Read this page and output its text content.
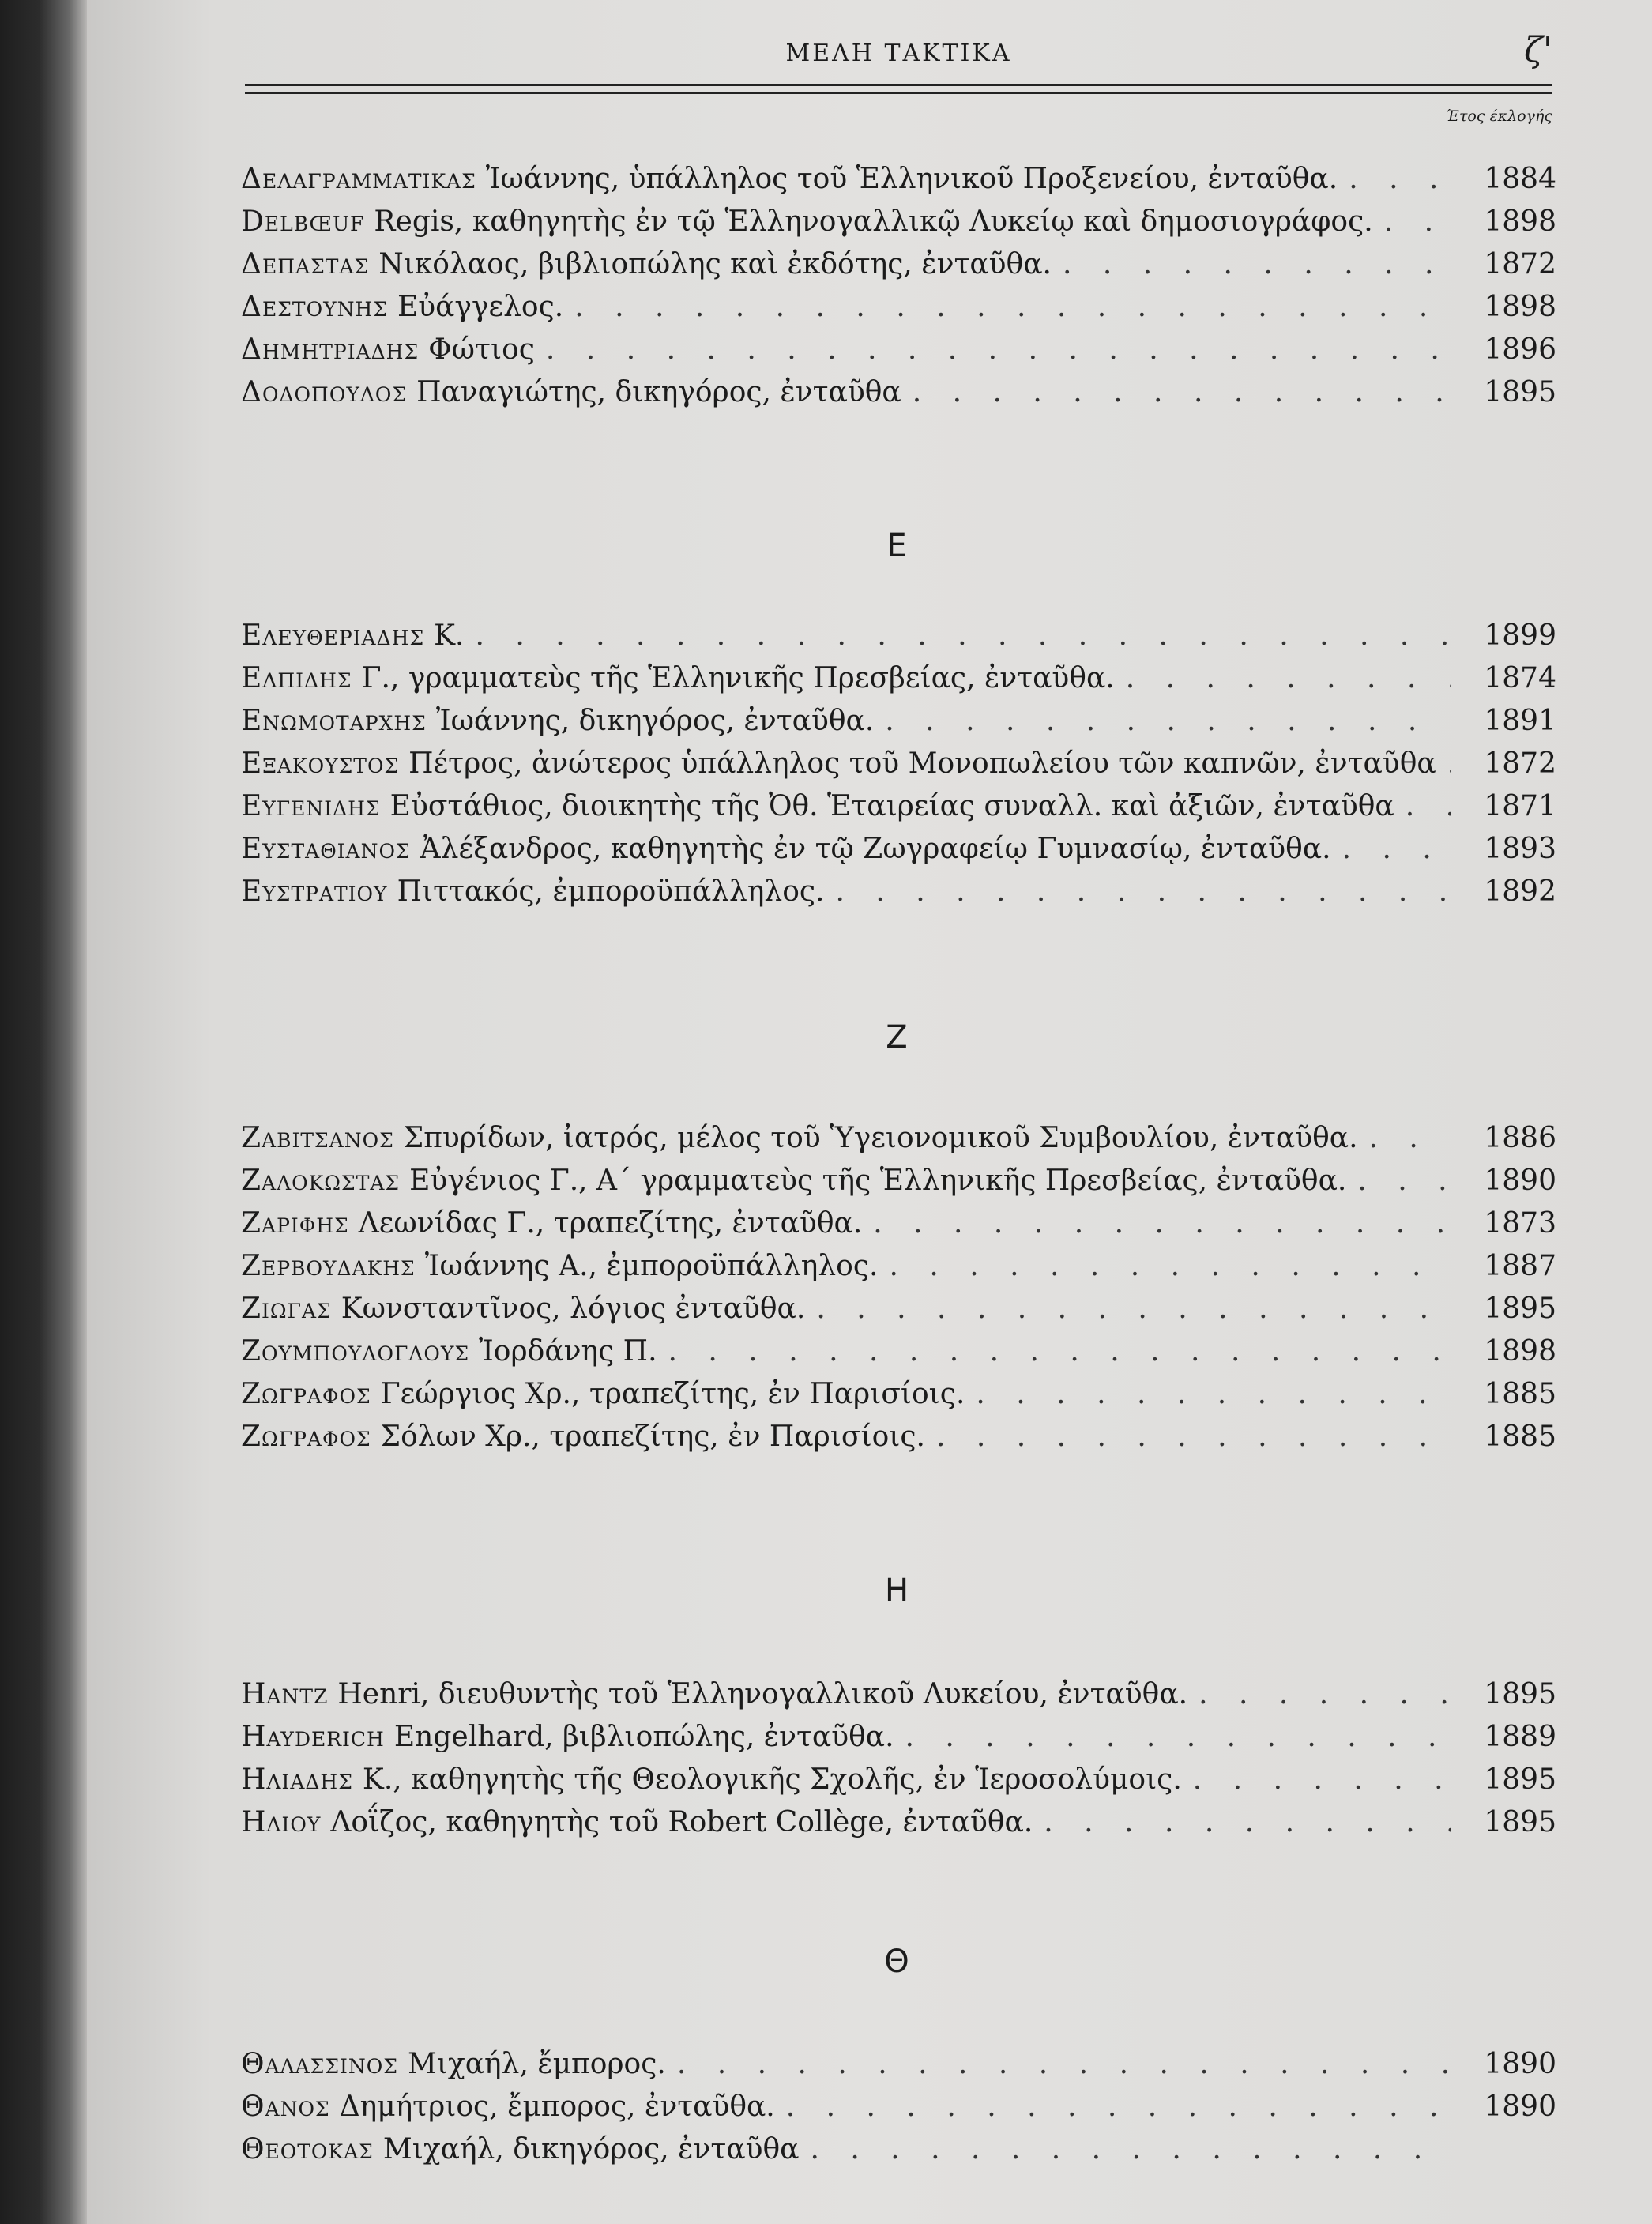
ΜΕΛΗ ΤΑΚΤΙΚΑ	ζ'
Έτος έκλογής
Δελαγραμματικας Ἰωάννης, ὑπάλληλος τοῦ Ἑλληνικοῦ Προξενείου, ἐνταῦθα. . . .	1884
Delbœuf Regis, καθηγητὴς ἐν τῷ Ἑλληνογαλλικῷ Λυκείῳ καὶ δημοσιογράφος. . . .	1898
Δεπαστας Νικόλαος, βιβλιοπώλης καὶ ἐκδότης, ἐνταῦθα. . . .	1872
Δεστουνης Εὐάγγελος. . . .	1898
Δημητριαδης Φώτιος . . .	1896
Δοδοπουλος Παναγιώτης, δικηγόρος, ἐνταῦθα . . .	1895
Ε
Ελευθεριαδης Κ. . . .	1899
Ελπιδης Γ., γραμματεὺς τῆς Ἑλληνικῆς Πρεσβείας, ἐνταῦθα. . . .	1874
Ενωμοταρχης Ἰωάννης, δικηγόρος, ἐνταῦθα. . . .	1891
Εξακουστος Πέτρος, ἀνώτερος ὑπάλληλος τοῦ Μονοπωλείου τῶν καπνῶν, ἐνταῦθα . . .	1872
Ευγενιδης Εὐστάθιος, διοικητὴς τῆς Ὀθ. Ἑταιρείας συναλλ. καὶ ἀξιῶν, ἐνταῦθα . . .	1871
Ευσταθιανος Ἀλέξανδρος, καθηγητὴς ἐν τῷ Ζωγραφείῳ Γυμνασίῳ, ἐνταῦθα. . . .	1893
Ευστρατιου Πιττακός, ἐμποροϋπάλληλος. . . .	1892
Ζ
Ζαβιτσανος Σπυρίδων, ἰατρός, μέλος τοῦ Ὑγειονομικοῦ Συμβουλίου, ἐνταῦθα. . . .	1886
Ζαλοκωστας Εὐγένιος Γ., Α΄ γραμματεὺς τῆς Ἑλληνικῆς Πρεσβείας, ἐνταῦθα. . . .	1890
Ζαριφης Λεωνίδας Γ., τραπεζίτης, ἐνταῦθα. . . .	1873
Ζερβουδακης Ἰωάννης Α., ἐμποροϋπάλληλος. . . .	1887
Ζιωγας Κωνσταντῖνος, λόγιος ἐνταῦθα. . . .	1895
Ζουμπουλογλους Ἰορδάνης Π. . . .	1898
Ζωγραφος Γεώργιος Χρ., τραπεζίτης, ἐν Παρισίοις. . . .	1885
Ζωγραφος Σόλων Χρ., τραπεζίτης, ἐν Παρισίοις. . . .	1885
Η
Hantz Henri, διευθυντὴς τοῦ Ἑλληνογαλλικοῦ Λυκείου, ἐνταῦθα. . . .	1895
Hayderich Engelhard, βιβλιοπώλης, ἐνταῦθα. . . .	1889
Ηλιαδης Κ., καθηγητὴς τῆς Θεολογικῆς Σχολῆς, ἐν Ἱεροσολύμοις. . . .	1895
Ηλιου Λοΐζος, καθηγητὴς τοῦ Robert Collège, ἐνταῦθα. . . .	1895
Θ
Θαλασσινος Μιχαήλ, ἔμπορος. . . .	1890
Θανος Δημήτριος, ἔμπορος, ἐνταῦθα. . . .	1890
Θεοτοκας Μιχαήλ, δικηγόρος, ἐνταῦθα
. . .
